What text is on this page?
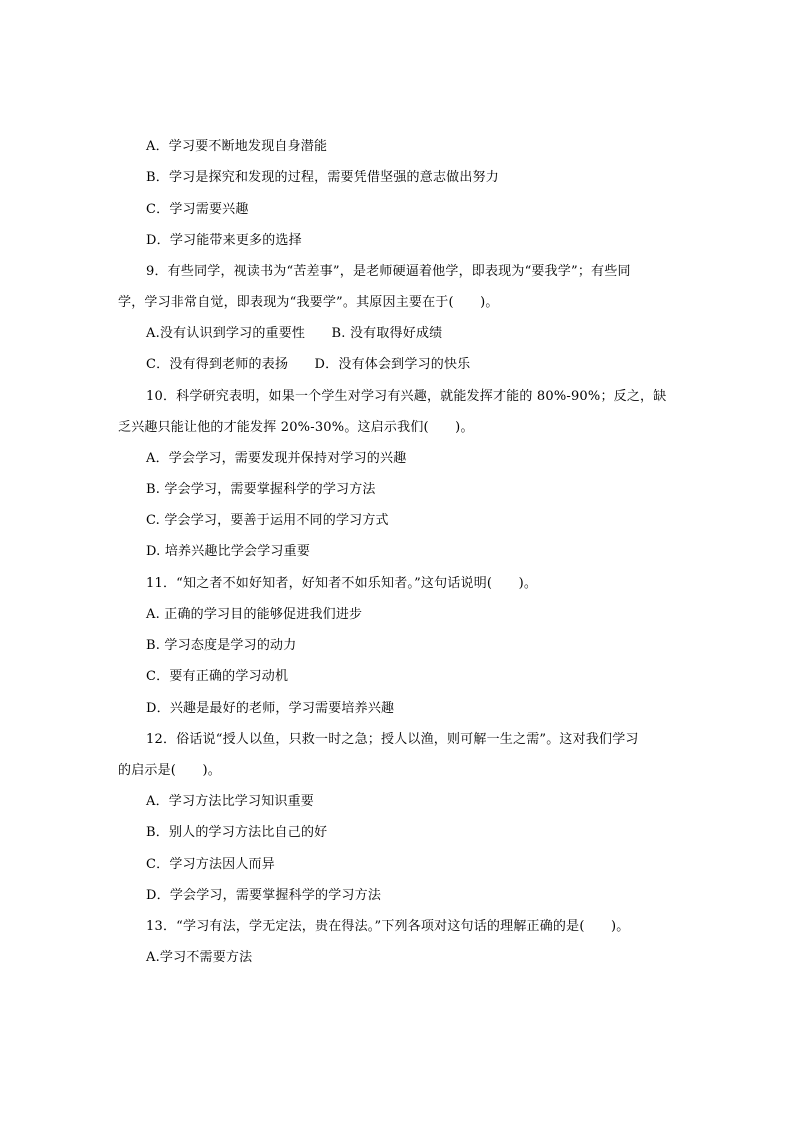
A．学习要不断地发现自身潜能
B．学习是探究和发现的过程，需要凭借坚强的意志做出努力
C．学习需要兴趣
D．学习能带来更多的选择
9．有些同学，视读书为“苦差事”，是老师硬逼着他学，即表现为“要我学”；有些同
学，学习非常自觉，即表现为“我要学”。其原因主要在于(　　)。
A.没有认识到学习的重要性　　B. 没有取得好成绩
C．没有得到老师的表扬　　D．没有体会到学习的快乐
10．科学研究表明，如果一个学生对学习有兴趣，就能发挥才能的 80%-90%；反之，缺
乏兴趣只能让他的才能发挥 20%-30%。这启示我们(　　)。
A．学会学习，需要发现并保持对学习的兴趣
B. 学会学习，需要掌握科学的学习方法
C. 学会学习，要善于运用不同的学习方式
D. 培养兴趣比学会学习重要
11．“知之者不如好知者，好知者不如乐知者。”这句话说明(　　)。
A. 正确的学习目的能够促进我们进步
B. 学习态度是学习的动力
C．要有正确的学习动机
D．兴趣是最好的老师，学习需要培养兴趣
12．俗话说“授人以鱼，只救一时之急；授人以渔，则可解一生之需”。这对我们学习
的启示是(　　)。
A．学习方法比学习知识重要
B．别人的学习方法比自己的好
C．学习方法因人而异
D．学会学习，需要掌握科学的学习方法
13．“学习有法，学无定法，贵在得法。”下列各项对这句话的理解正确的是(　　)。
A.学习不需要方法
